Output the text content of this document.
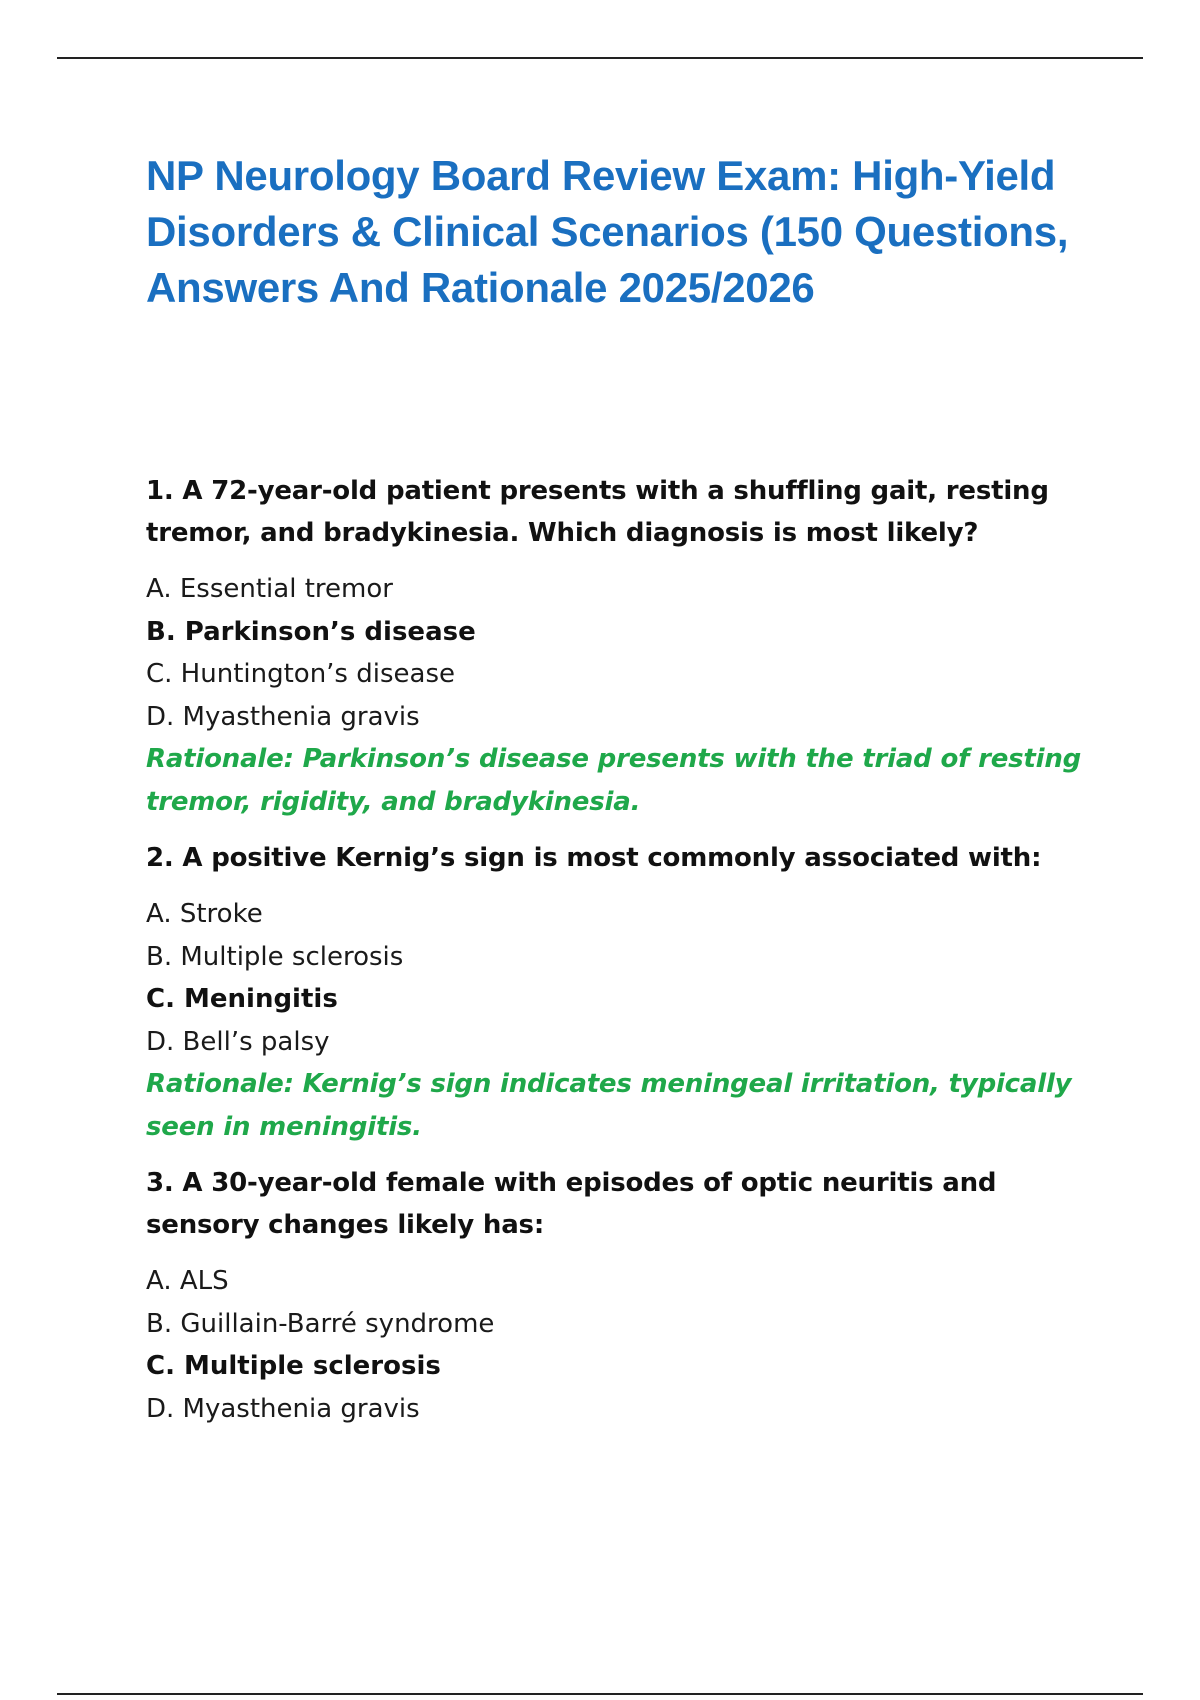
NP Neurology Board Review Exam: High-Yield Disorders & Clinical Scenarios (150 Questions, Answers And Rationale 2025/2026

1. A 72-year-old patient presents with a shuffling gait, resting tremor, and bradykinesia. Which diagnosis is most likely?

A. Essential tremor

B. Parkinson’s disease

C. Huntington’s disease

D. Myasthenia gravis

Rationale: Parkinson’s disease presents with the triad of resting tremor, rigidity, and bradykinesia.

2. A positive Kernig’s sign is most commonly associated with:

A. Stroke

B. Multiple sclerosis

C. Meningitis

D. Bell’s palsy

Rationale: Kernig’s sign indicates meningeal irritation, typically seen in meningitis.

3. A 30-year-old female with episodes of optic neuritis and sensory changes likely has:

A. ALS

B. Guillain-Barré syndrome

C. Multiple sclerosis

D. Myasthenia gravis
